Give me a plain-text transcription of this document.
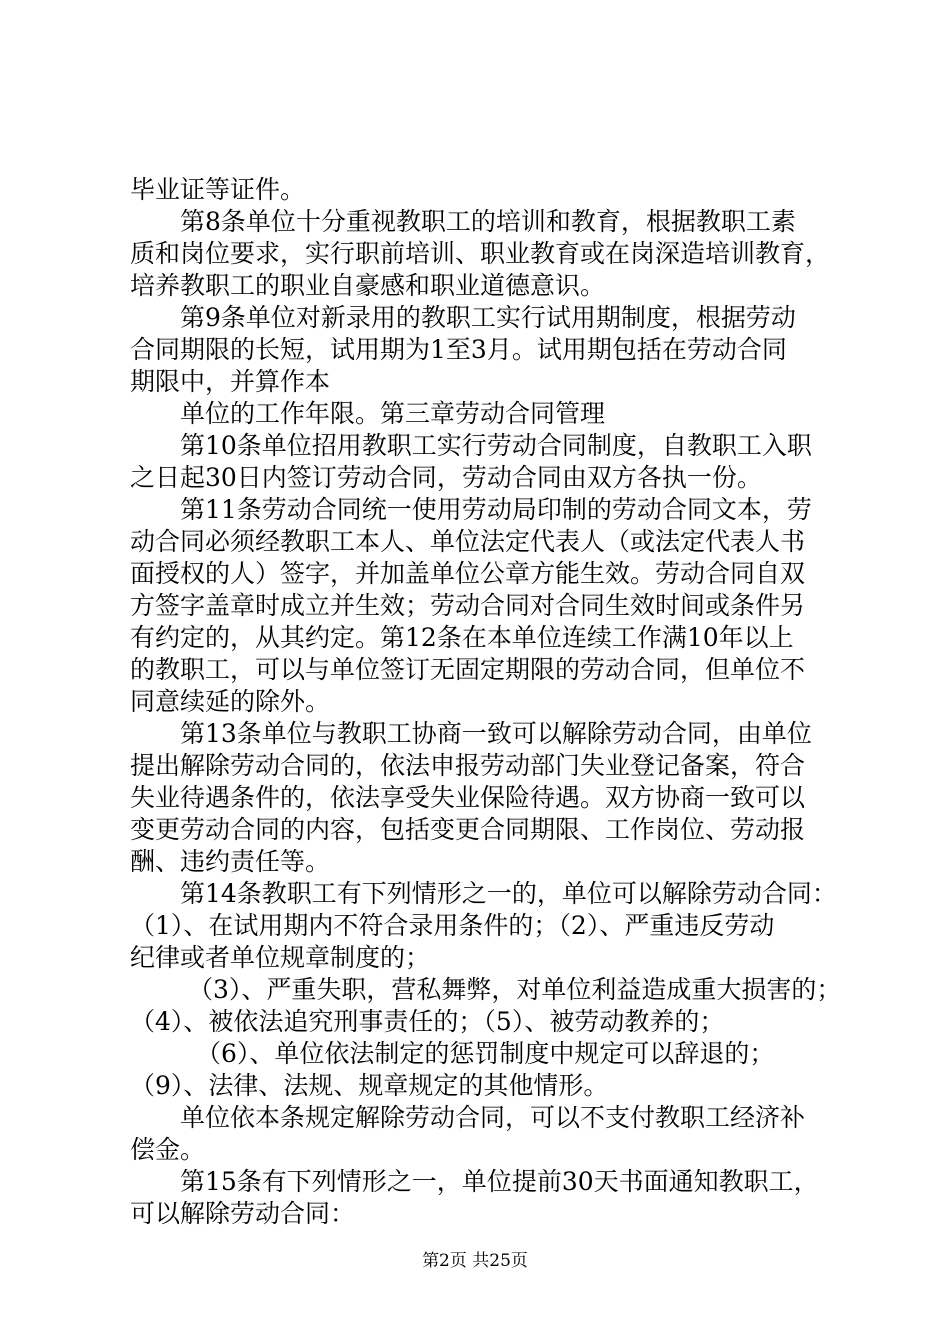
毕业证等证件。
第8条单位十分重视教职工的培训和教育，根据教职工素
质和岗位要求，实行职前培训、职业教育或在岗深造培训教育，
培养教职工的职业自豪感和职业道德意识。
第9条单位对新录用的教职工实行试用期制度，根据劳动
合同期限的长短，试用期为1至3月。试用期包括在劳动合同
期限中，并算作本
单位的工作年限。第三章劳动合同管理
第10条单位招用教职工实行劳动合同制度，自教职工入职
之日起30日内签订劳动合同，劳动合同由双方各执一份。
第11条劳动合同统一使用劳动局印制的劳动合同文本，劳
动合同必须经教职工本人、单位法定代表人（或法定代表人书
面授权的人）签字，并加盖单位公章方能生效。劳动合同自双
方签字盖章时成立并生效；劳动合同对合同生效时间或条件另
有约定的，从其约定。第12条在本单位连续工作满10年以上
的教职工，可以与单位签订无固定期限的劳动合同，但单位不
同意续延的除外。
第13条单位与教职工协商一致可以解除劳动合同，由单位
提出解除劳动合同的，依法申报劳动部门失业登记备案，符合
失业待遇条件的，依法享受失业保险待遇。双方协商一致可以
变更劳动合同的内容，包括变更合同期限、工作岗位、劳动报
酬、违约责任等。
第14条教职工有下列情形之一的，单位可以解除劳动合同：
（1）、在试用期内不符合录用条件的；（2）、严重违反劳动
纪律或者单位规章制度的；
（3）、严重失职，营私舞弊，对单位利益造成重大损害的；
（4）、被依法追究刑事责任的；（5）、被劳动教养的；
（6）、单位依法制定的惩罚制度中规定可以辞退的；
（9）、法律、法规、规章规定的其他情形。
单位依本条规定解除劳动合同，可以不支付教职工经济补
偿金。
第15条有下列情形之一，单位提前30天书面通知教职工，
可以解除劳动合同：
第2页 共25页
